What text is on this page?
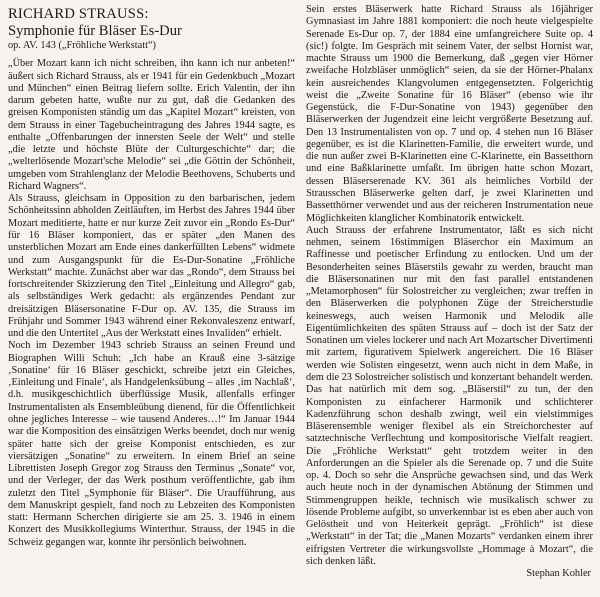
RICHARD STRAUSS:
Symphonie für Bläser Es-Dur
op. AV. 143 („Fröhliche Werkstatt“)

„Über Mozart kann ich nicht schreiben, ihn kann ich nur anbeten!“ äußert sich Richard Strauss, als er 1941 für ein Gedenkbuch „Mozart und München“ einen Beitrag liefern sollte. Erich Valentin, der ihn darum gebeten hatte, wußte nur zu gut, daß die Gedanken des greisen Komponisten ständig um das „Kapitel Mozart“ kreisten, von dem Strauss in einer Tagebucheintragung des Jahres 1944 sagte, es enthalte „Offenbarungen der innersten Seele der Welt“ und stelle „die letzte und höchste Blüte der Culturgeschichte“ dar; die „welterlösende Mozart'sche Melodie“ sei „die Göttin der Schönheit, umgeben vom Strahlenglanz der Melodie Beethovens, Schuberts und Richard Wagners“.

Als Strauss, gleichsam in Opposition zu den barbarischen, jedem Schönheitssinn abholden Zeitläuften, im Herbst des Jahres 1944 über Mozart meditierte, hatte er nur kurze Zeit zuvor ein „Rondo Es-Dur“ für 16 Bläser komponiert, das er später „den Manen des unsterblichen Mozart am Ende eines dankerfüllten Lebens“ widmete und zum Ausgangspunkt für die Es-Dur-Sonatine „Fröhliche Werkstatt“ machte. Zunächst aber war das „Rondo“, dem Strauss bei fortschreitender Skizzierung den Titel „Einleitung und Allegro“ gab, als selbständiges Werk gedacht: als ergänzendes Pendant zur dreisätzigen Bläsersonatine F-Dur op. AV. 135, die Strauss im Frühjahr und Sommer 1943 während einer Rekonvaleszenz entwarf, und die den Untertitel „Aus der Werkstatt eines Invaliden“ erhielt.

Noch im Dezember 1943 schrieb Strauss an seinen Freund und Biographen Willi Schuh: „Ich habe an Krauß eine 3-sätzige ‚Sonatine‘ für 16 Bläser geschickt, schreibe jetzt ein Gleiches, ‚Einleitung und Finale‘, als Handgelenksübung – alles ‚im Nachlaß‘, d.h. musikgeschichtlich überflüssige Musik, allenfalls erfinger Instrumentalisten als Ensembleübung dienend, für die Öffentlichkeit ohne jegliches Interesse – wie tausend Anderes…!“ Im Januar 1944 war die Komposition des einsätzigen Werks beendet, doch nur wenig später hatte sich der greise Komponist entschieden, es zur viersätzigen „Sonatine“ zu erweitern. In einem Brief an seine Librettisten Joseph Gregor zog Strauss den Terminus „Sonate“ vor, und der Verleger, der das Werk posthum veröffentlichte, gab ihm zuletzt den Titel „Symphonie für Bläser“. Die Uraufführung, aus dem Manuskript gespielt, fand noch zu Lebzeiten des Komponisten statt: Hermann Scherchen dirigierte sie am 25. 3. 1946 in einem Konzert des Musikkollegiums Winterthur. Strauss, der 1945 in die Schweiz gegangen war, konnte ihr persönlich beiwohnen.

Sein erstes Bläserwerk hatte Richard Strauss als 16jähriger Gymnasiast im Jahre 1881 komponiert: die noch heute vielgespielte Serenade Es-Dur op. 7, der 1884 eine umfangreichere Suite op. 4 (sic!) folgte. Im Gespräch mit seinem Vater, der selbst Hornist war, machte Strauss um 1900 die Bemerkung, daß „gegen vier Hörner zweifache Holzbläser unmöglich“ seien, da sie der Hörner-Phalanx kein ausreichendes Klangvolumen entgegensetzten. Folgerichtig weist die „Zweite Sonatine für 16 Bläser“ (ebenso wie ihr Gegenstück, die F-Dur-Sonatine von 1943) gegenüber den Bläserwerken der Jugendzeit eine leicht vergrößerte Besetzung auf. Den 13 Instrumentalisten von op. 7 und op. 4 stehen nun 16 Bläser gegenüber, es ist die Klarinetten-Familie, die erweitert wurde, und die nun außer zwei B-Klarinetten eine C-Klarinette, ein Bassetthorn und eine Baßklarinette umfaßt. Im übrigen hatte schon Mozart, dessen Bläserserenade KV. 361 als heimliches Vorbild der Strausschen Bläserwerke gelten darf, je zwei Klarinetten und Bassetthörner verwendet und aus der reicheren Instrumentation neue Möglichkeiten klanglicher Kombinatorik entwickelt.

Auch Strauss der erfahrene Instrumentator, läßt es sich nicht nehmen, seinem 16stimmigen Bläserchor ein Maximum an Raffinesse und poetischer Erfindung zu entlocken. Und um der Besonderheiten seines Bläserstils gewahr zu werden, braucht man die Bläsersonatinen nur mit den fast parallel entstandenen „Metamorphosen“ für Solostreicher zu vergleichen; zwar treffen in den Bläserwerken die polyphonen Züge der Streicherstudie keineswegs, auch weisen Harmonik und Melodik alle Eigentümlichkeiten des späten Strauss auf – doch ist der Satz der Sonatinen um vieles lockerer und nach Art Mozartscher Divertimenti mit zartem, figurativem Spielwerk angereichert. Die 16 Bläser werden wie Solisten eingesetzt, wenn auch nicht in dem Maße, in dem die 23 Solostreicher solistisch und konzertant behandelt werden. Das hat natürlich mit dem sog. „Bläserstil“ zu tun, der den Komponisten zu einfacherer Harmonik und schlichterer Kadenzführung schon deshalb zwingt, weil ein vielstimmiges Bläserensemble weniger flexibel als ein Streichorchester auf satztechnische Verflechtung und kompositorische Vielfalt reagiert. Die „Fröhliche Werkstatt“ geht trotzdem weiter in den Anforderungen an die Spieler als die Serenade op. 7 und die Suite op. 4. Doch so sehr die Ansprüche gewachsen sind, und das Werk auch heute noch in der dynamischen Abtönung der Stimmen und Stimmengruppen heikle, technisch wie musikalisch schwer zu lösende Probleme aufgibt, so unverkennbar ist es eben aber auch von Gelöstheit und von Heiterkeit geprägt. „Fröhlich“ ist diese „Werkstatt“ in der Tat; die „Manen Mozarts“ verdanken einem ihrer eifrigsten Vertreter die wirkungsvollste „Hommage à Mozart“, die sich denken läßt.

Stephan Kohler
